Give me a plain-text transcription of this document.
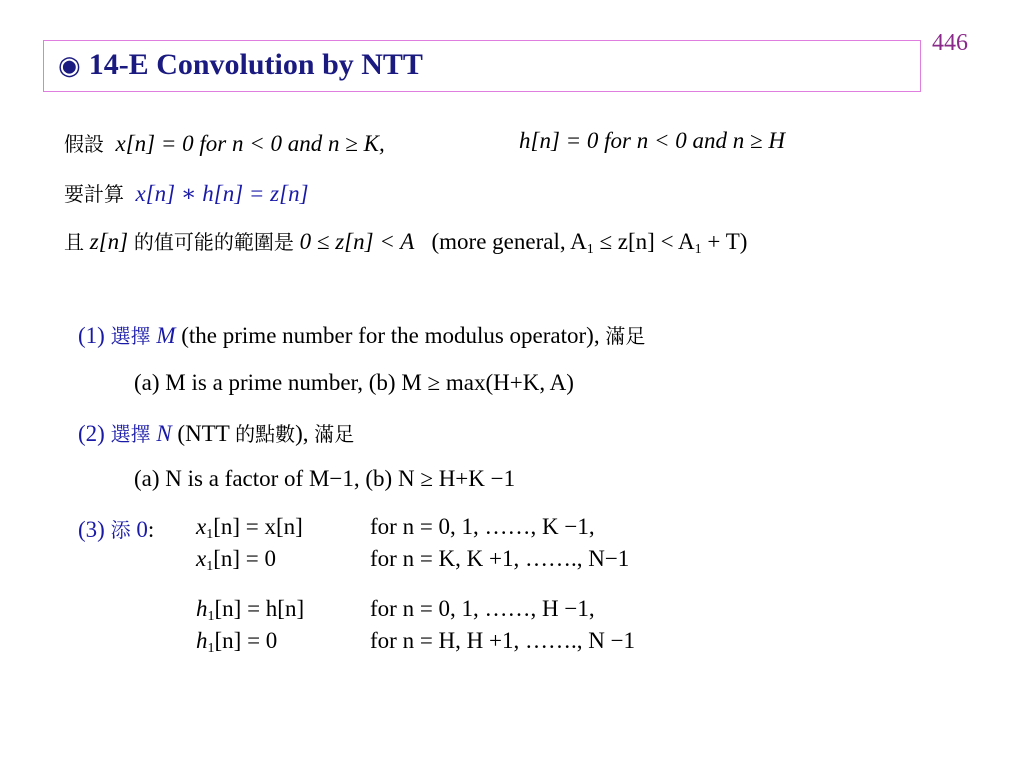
446
◉ 14-E Convolution by NTT
假設 x[n] = 0 for n < 0 and n ≥ K,	h[n] = 0 for n < 0 and n ≥ H
要計算 x[n] ∗ h[n] = z[n]
且 z[n] 的值可能的範圍是 0 ≤ z[n] < A (more general, $A_1 \le z[n] < A_1 + T$)
(1) 選擇 M (the prime number for the modulus operator), 滿足
(a) M is a prime number, (b) M ≥ max(H+K, A)
(2) 選擇 N (NTT 的點數), 滿足
(a) N is a factor of M−1, (b) N ≥ H+K −1
(3) 添 0: $x_1[n] = x[n]$	for n = 0, 1, ……, K −1,
$x_1[n] = 0$	for n = K, K +1, ……., N−1
$h_1[n] = h[n]$	for n = 0, 1, ……, H −1,
$h_1[n] = 0$	for n = H, H +1, ……., N −1
